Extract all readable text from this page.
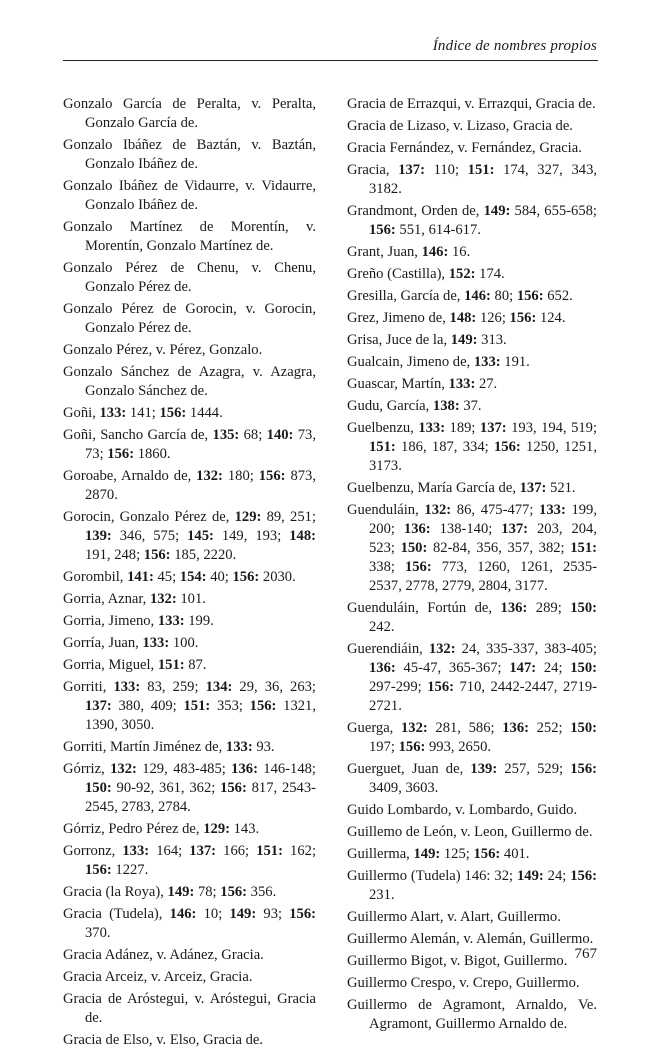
Índice de nombres propios
Gonzalo García de Peralta, v. Peralta, Gonzalo García de.
Gonzalo Ibáñez de Baztán, v. Baztán, Gonzalo Ibáñez de.
Gonzalo Ibáñez de Vidaurre, v. Vidaurre, Gonzalo Ibáñez de.
Gonzalo Martínez de Morentín, v. Morentín, Gonzalo Martínez de.
Gonzalo Pérez de Chenu, v. Chenu, Gonzalo Pérez de.
Gonzalo Pérez de Gorocin, v. Gorocin, Gonzalo Pérez de.
Gonzalo Pérez, v. Pérez, Gonzalo.
Gonzalo Sánchez de Azagra, v. Azagra, Gonzalo Sánchez de.
Goñi, 133: 141; 156: 1444.
Goñi, Sancho García de, 135: 68; 140: 73, 73; 156: 1860.
Goroabe, Arnaldo de, 132: 180; 156: 873, 2870.
Gorocin, Gonzalo Pérez de, 129: 89, 251; 139: 346, 575; 145: 149, 193; 148: 191, 248; 156: 185, 2220.
Gorombil, 141: 45; 154: 40; 156: 2030.
Gorria, Aznar, 132: 101.
Gorria, Jimeno, 133: 199.
Gorría, Juan, 133: 100.
Gorria, Miguel, 151: 87.
Gorriti, 133: 83, 259; 134: 29, 36, 263; 137: 380, 409; 151: 353; 156: 1321, 1390, 3050.
Gorriti, Martín Jiménez de, 133: 93.
Górriz, 132: 129, 483-485; 136: 146-148; 150: 90-92, 361, 362; 156: 817, 2543-2545, 2783, 2784.
Górriz, Pedro Pérez de, 129: 143.
Gorronz, 133: 164; 137: 166; 151: 162; 156: 1227.
Gracia (la Roya), 149: 78; 156: 356.
Gracia (Tudela), 146: 10; 149: 93; 156: 370.
Gracia Adánez, v. Adánez, Gracia.
Gracia Arceiz, v. Arceiz, Gracia.
Gracia de Aróstegui, v. Aróstegui, Gracia de.
Gracia de Elso, v. Elso, Gracia de.
Gracia de Errazqui, v. Errazqui, Gracia de.
Gracia de Lizaso, v. Lizaso, Gracia de.
Gracia Fernández, v. Fernández, Gracia.
Gracia, 137: 110; 151: 174, 327, 343, 3182.
Grandmont, Orden de, 149: 584, 655-658; 156: 551, 614-617.
Grant, Juan, 146: 16.
Greño (Castilla), 152: 174.
Gresilla, García de, 146: 80; 156: 652.
Grez, Jimeno de, 148: 126; 156: 124.
Grisa, Juce de la, 149: 313.
Gualcain, Jimeno de, 133: 191.
Guascar, Martín, 133: 27.
Gudu, García, 138: 37.
Guelbenzu, 133: 189; 137: 193, 194, 519; 151: 186, 187, 334; 156: 1250, 1251, 3173.
Guelbenzu, María García de, 137: 521.
Guenduláin, 132: 86, 475-477; 133: 199, 200; 136: 138-140; 137: 203, 204, 523; 150: 82-84, 356, 357, 382; 151: 338; 156: 773, 1260, 1261, 2535-2537, 2778, 2779, 2804, 3177.
Guenduláin, Fortún de, 136: 289; 150: 242.
Guerendiáin, 132: 24, 335-337, 383-405; 136: 45-47, 365-367; 147: 24; 150: 297-299; 156: 710, 2442-2447, 2719-2721.
Guerga, 132: 281, 586; 136: 252; 150: 197; 156: 993, 2650.
Guerguet, Juan de, 139: 257, 529; 156: 3409, 3603.
Guido Lombardo, v. Lombardo, Guido.
Guillemo de León, v. Leon, Guillermo de.
Guillerma, 149: 125; 156: 401.
Guillermo (Tudela) 146: 32; 149: 24; 156: 231.
Guillermo Alart, v. Alart, Guillermo.
Guillermo Alemán, v. Alemán, Guillermo.
Guillermo Bigot, v. Bigot, Guillermo.
Guillermo Crespo, v. Crepo, Guillermo.
Guillermo de Agramont, Arnaldo, Ve. Agramont, Guillermo Arnaldo de.
767
